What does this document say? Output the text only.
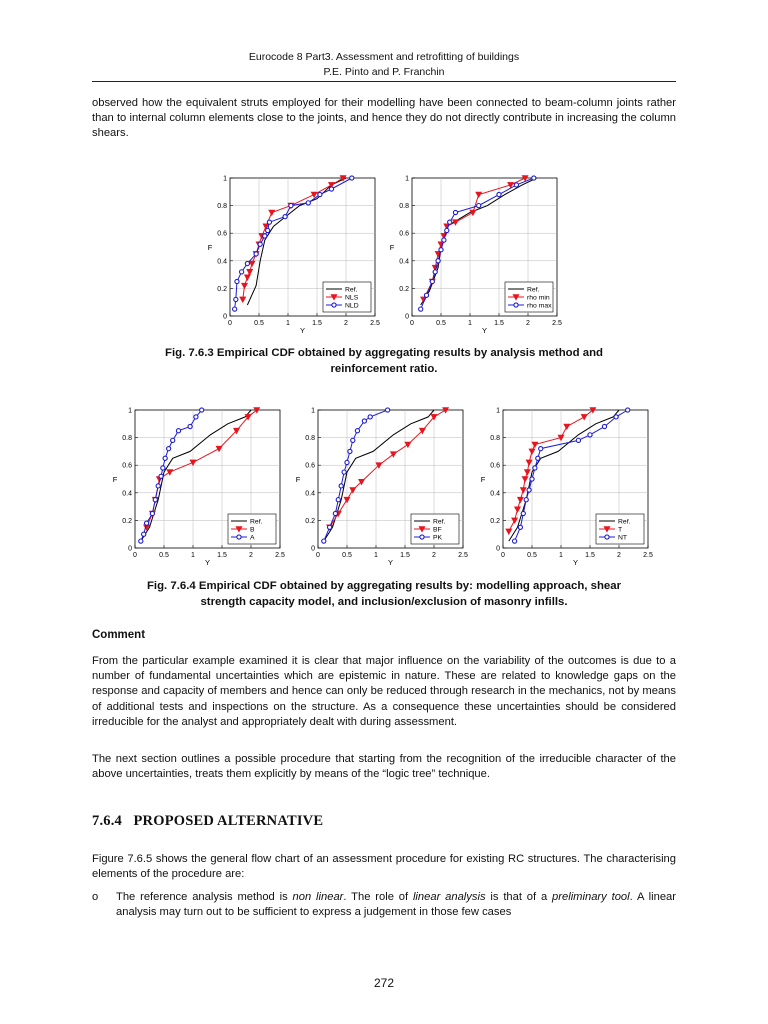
Eurocode 8 Part3. Assessment and retrofitting of buildings
P.E. Pinto and P. Franchin

observed how the equivalent struts employed for their modelling have been connected to beam-column joints rather than to internal column elements close to the joints, and hence they do not directly contribute in increasing the column shears.

0	0.5	1	1.5	2	2.5
0
0.2
0.4
0.6
0.8
1
Y
F
Ref.
NLS
NLD
0	0.5	1	1.5	2	2.5
0
0.2
0.4
0.6
0.8
1
Y
F
Ref.
rho min
rho max

Fig. 7.6.3 Empirical CDF obtained by aggregating results by analysis method and
reinforcement ratio.

0	0.5	1	1.5	2	2.5
0
0.2
0.4
0.6
0.8
1
Y
F
Ref.
B
A
0	0.5	1	1.5	2	2.5
0
0.2
0.4
0.6
0.8
1
Y
F
Ref.
BF
PK
0	0.5	1	1.5	2	2.5
0
0.2
0.4
0.6
0.8
1
Y
F
Ref.
T
NT

Fig. 7.6.4 Empirical CDF obtained by aggregating results by: modelling approach, shear
strength capacity model, and inclusion/exclusion of masonry infills.

Comment

From the particular example examined it is clear that major influence on the variability of the outcomes is due to a number of fundamental uncertainties which are epistemic in nature. These are related to knowledge gaps on the response and capacity of members and hence can only be reduced through research in the mechanics, not by means of additional tests and inspections on the structure. As a consequence these uncertainties should be considered irreducible for the analyst and appropriately dealt with during assessment.

The next section outlines a possible procedure that starting from the recognition of the irreducible character of the above uncertainties, treats them explicitly by means of the “logic tree” technique.

7.6.4 PROPOSED ALTERNATIVE

Figure 7.6.5 shows the general flow chart of an assessment procedure for existing RC structures. The characterising elements of the procedure are:

o	The reference analysis method is non linear. The role of linear analysis is that of a preliminary tool. A linear analysis may turn out to be sufficient to express a judgement in those few cases

272
